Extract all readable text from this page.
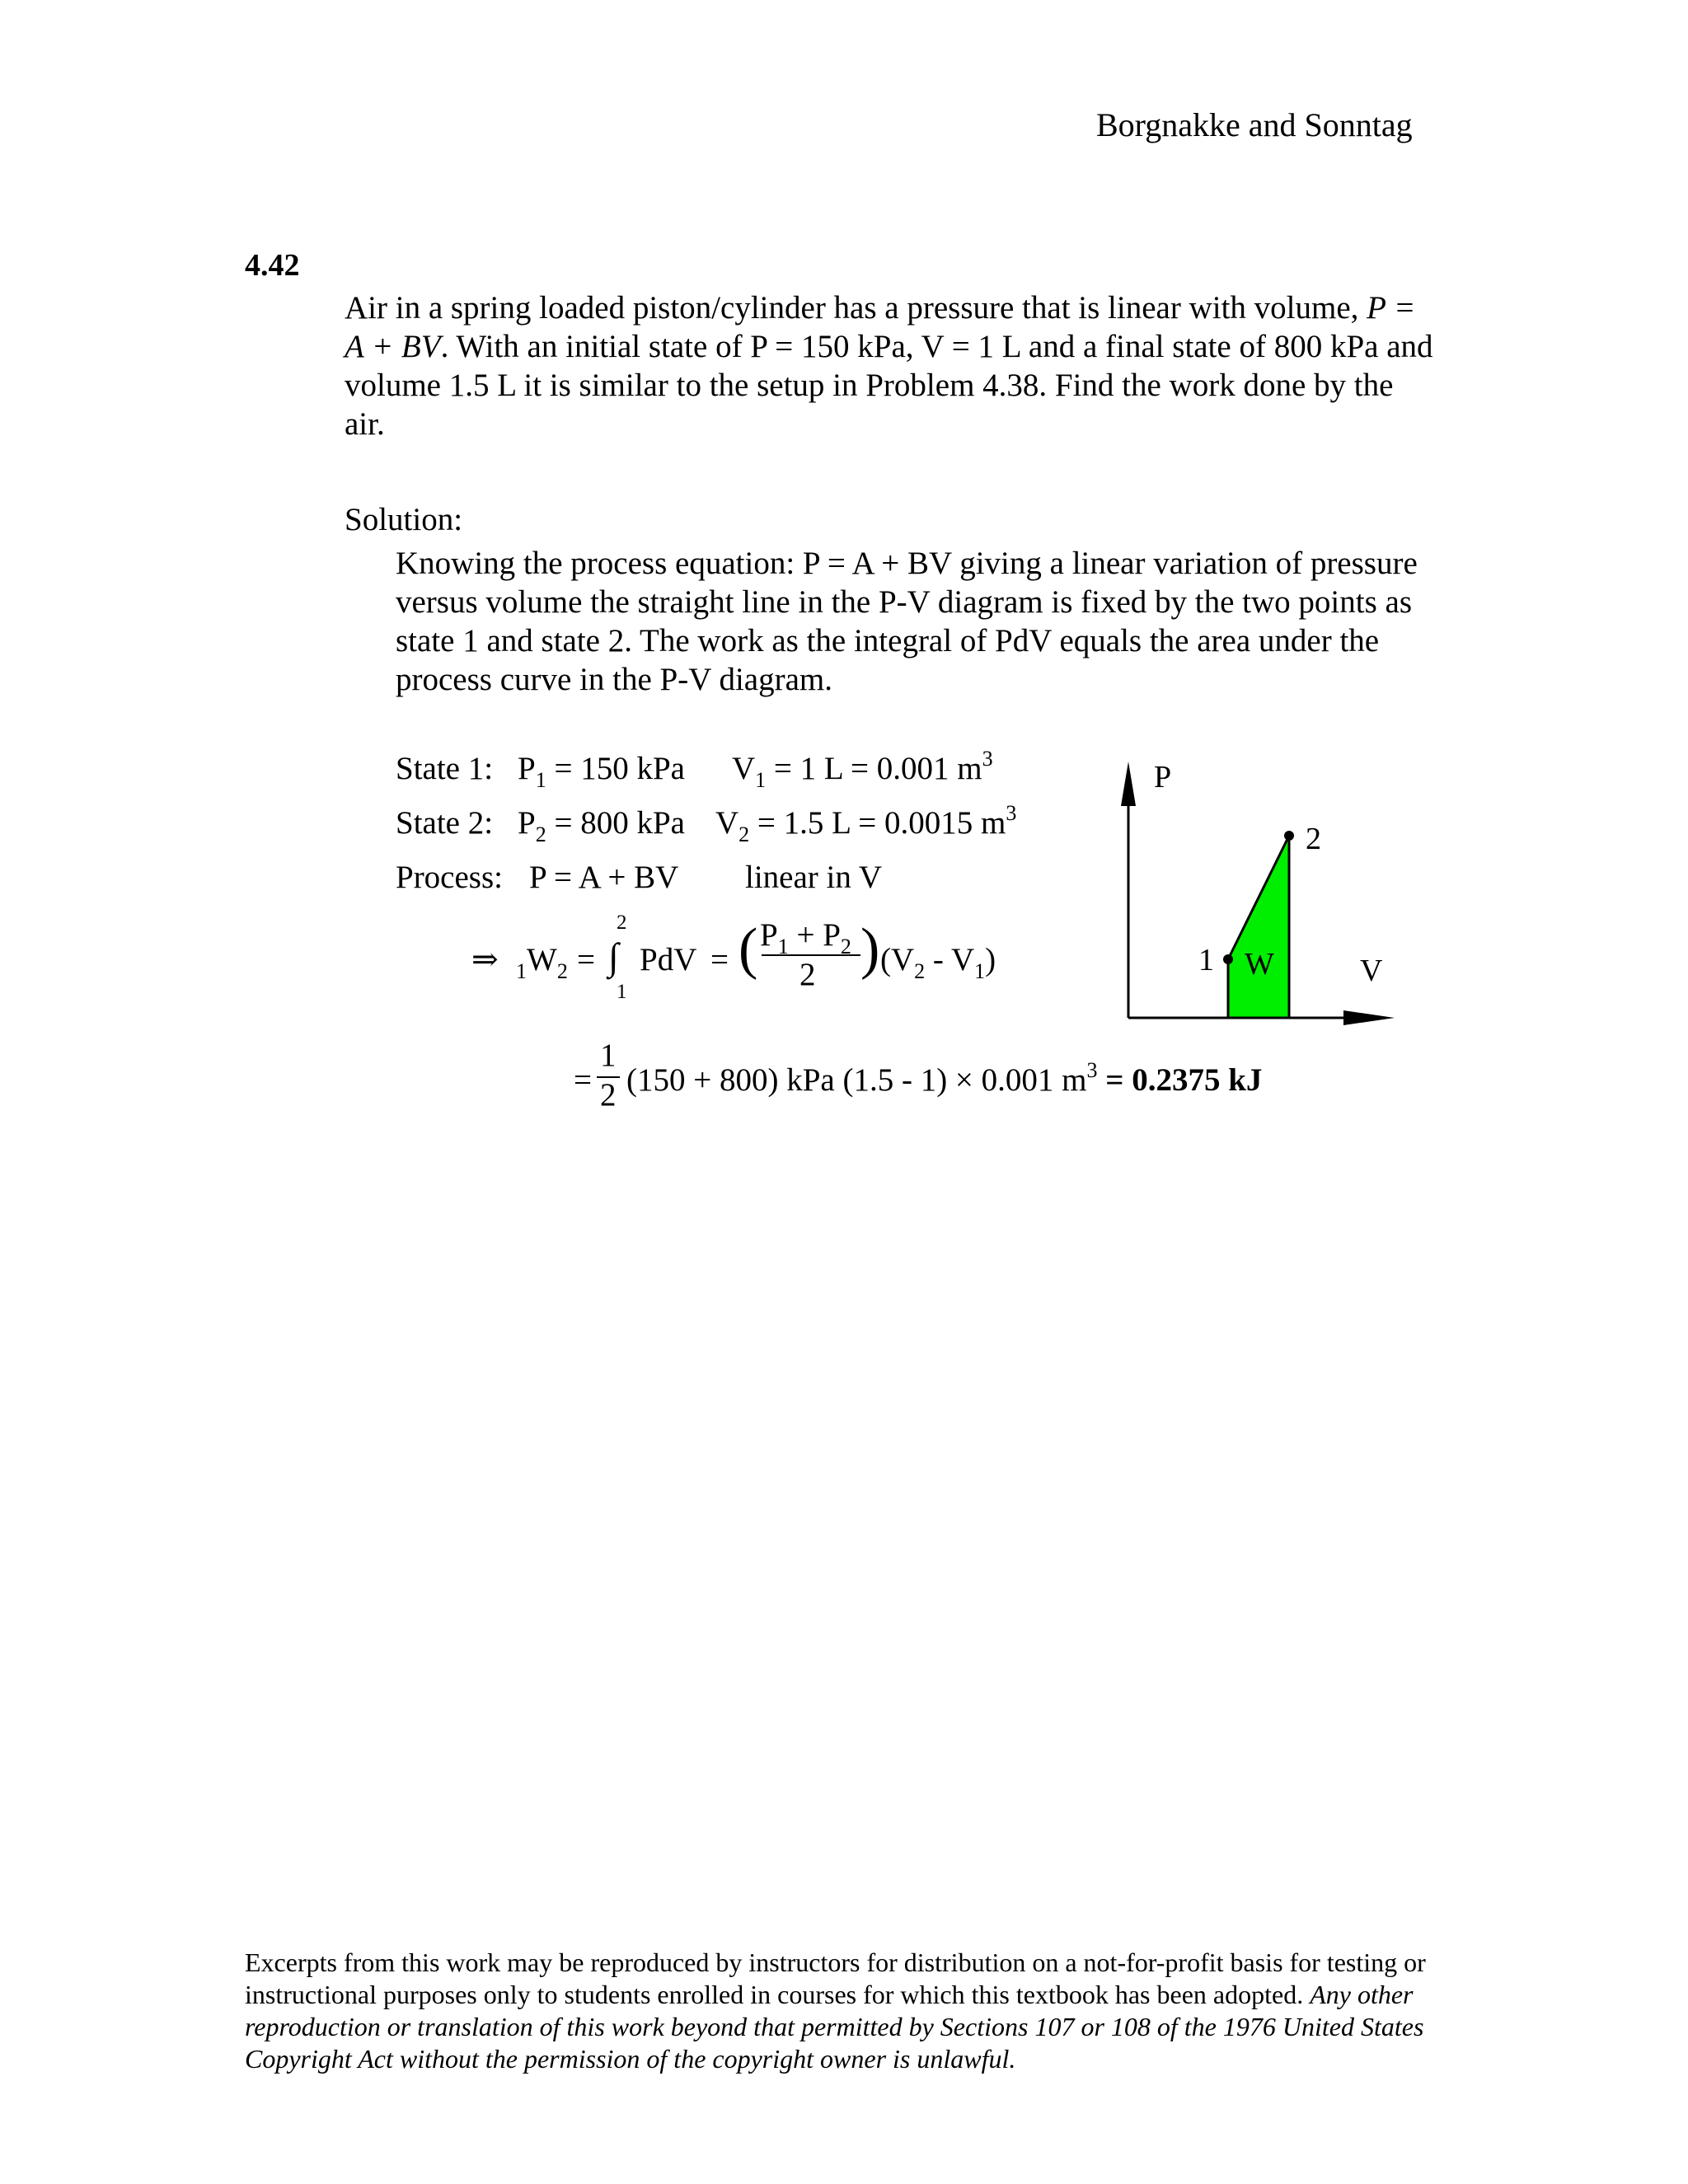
Borgnakke and Sonntag
4.42
Air in a spring loaded piston/cylinder has a pressure that is linear with volume, P = A + BV. With an initial state of P = 150 kPa, V = 1 L and a final state of 800 kPa and volume 1.5 L it is similar to the setup in Problem 4.38. Find the work done by the air.
Solution:
Knowing the process equation: P = A + BV giving a linear variation of pressure versus volume the straight line in the P-V diagram is fixed by the two points as state 1 and state 2. The work as the integral of PdV equals the area under the process curve in the P-V diagram.
State 1: $P_1 = 150$ kPa $V_1 = 1$ L = 0.001 $m^3$
State 2: $P_2 = 800$ kPa $V_2 = 1.5$ L = 0.0015 $m^3$
Process: P = A + BV linear in V
⇒ $_1W_2$ =
2
∫
1
PdV = ( $P_1 + P_2$
2 ) $(V_2 - V_1)$
=
1
2 (150 + 800) kPa (1.5 - 1) × 0.001 $m^3 = 0.2375$ kJ
P
V
1
2
W
Excerpts from this work may be reproduced by instructors for distribution on a not-for-profit basis for testing or instructional purposes only to students enrolled in courses for which this textbook has been adopted. Any other reproduction or translation of this work beyond that permitted by Sections 107 or 108 of the 1976 United States Copyright Act without the permission of the copyright owner is unlawful.
